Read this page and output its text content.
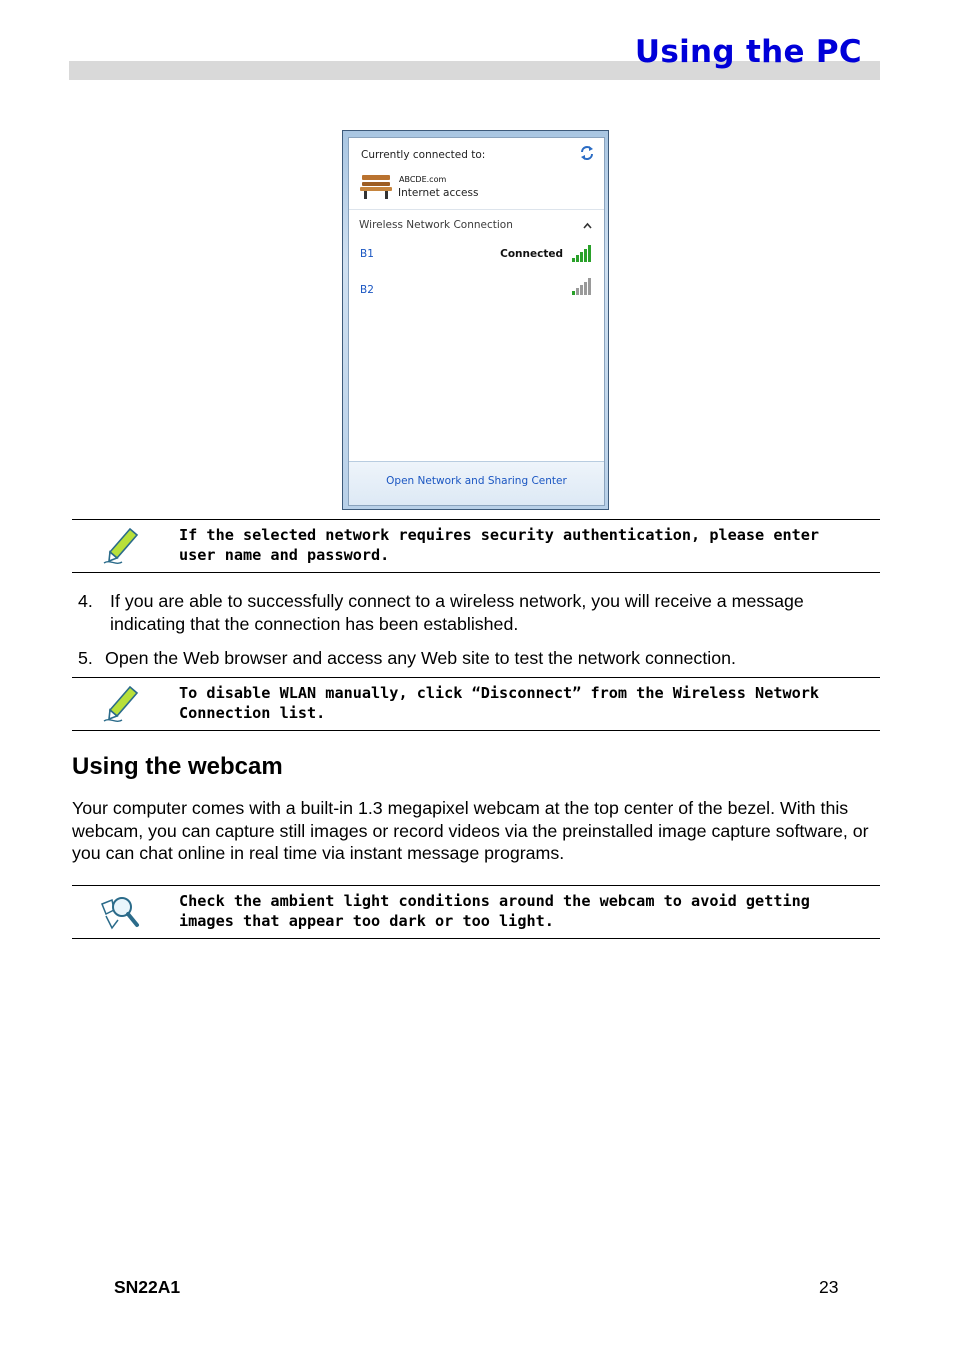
Using the PC
Currently connected to:
ABCDE.com
Internet access
Wireless Network Connection
B1	Connected
B2
Open Network and Sharing Center
If the selected network requires security authentication, please enter user name and password.
4. If you are able to successfully connect to a wireless network, you will receive a message
indicating that the connection has been established.
5. Open the Web browser and access any Web site to test the network connection.
To disable WLAN manually, click “Disconnect” from the Wireless Network Connection list.
Using the webcam

Your computer comes with a built-in 1.3 megapixel webcam at the top center of the bezel. With this webcam, you can capture still images or record videos via the preinstalled image capture software, or you can chat online in real time via instant message programs.

Check the ambient light conditions around the webcam to avoid getting images that appear too dark or too light.
SN22A1	23
